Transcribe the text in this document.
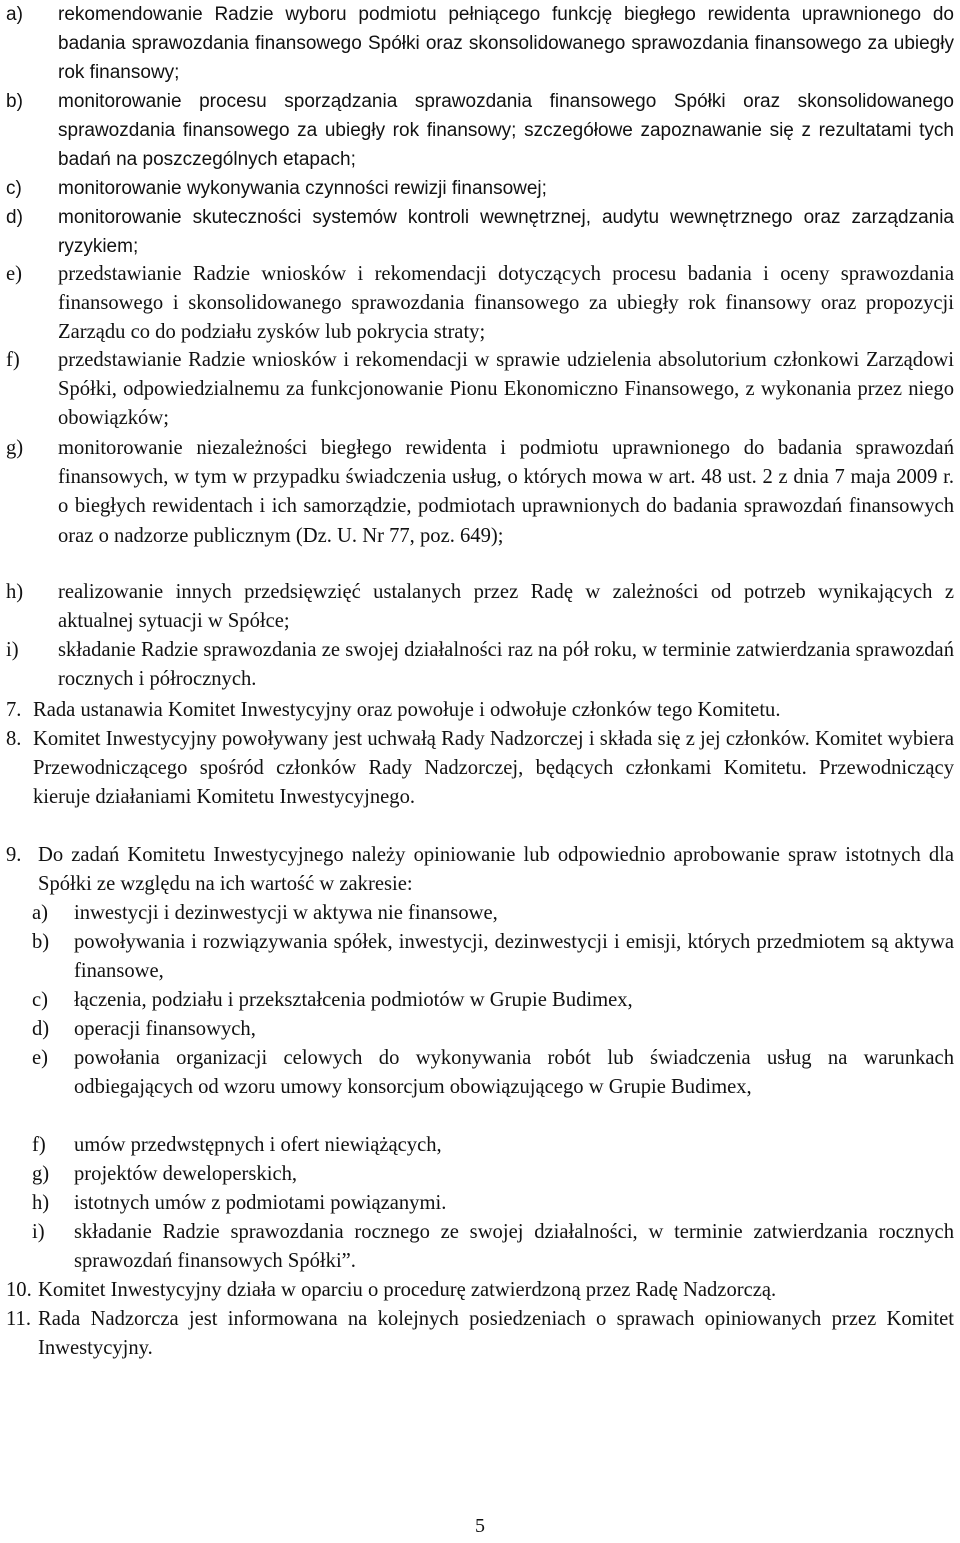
a)	rekomendowanie Radzie wyboru podmiotu pełniącego funkcję biegłego rewidenta uprawnionego do badania sprawozdania finansowego Spółki oraz skonsolidowanego sprawozdania finansowego za ubiegły rok finansowy;
b)	monitorowanie procesu sporządzania sprawozdania finansowego Spółki oraz skonsolidowanego sprawozdania finansowego za ubiegły rok finansowy; szczegółowe zapoznawanie się z rezultatami tych badań na poszczególnych etapach;
c)	monitorowanie wykonywania czynności rewizji finansowej;
d)	monitorowanie skuteczności systemów kontroli wewnętrznej, audytu wewnętrznego oraz zarządzania ryzykiem;
e)	przedstawianie Radzie wniosków i rekomendacji dotyczących procesu badania i oceny sprawozdania finansowego i skonsolidowanego sprawozdania finansowego za ubiegły rok finansowy oraz propozycji Zarządu co do podziału zysków lub pokrycia straty;
f)	przedstawianie Radzie wniosków i rekomendacji w sprawie udzielenia absolutorium członkowi Zarządowi Spółki, odpowiedzialnemu za funkcjonowanie Pionu Ekonomiczno Finansowego, z wykonania przez niego obowiązków;
g)	monitorowanie niezależności biegłego rewidenta i podmiotu uprawnionego do badania sprawozdań finansowych, w tym w przypadku świadczenia usług, o których mowa w art. 48 ust. 2 z dnia 7 maja 2009 r. o biegłych rewidentach i ich samorządzie, podmiotach uprawnionych do badania sprawozdań finansowych oraz o nadzorze publicznym (Dz. U. Nr 77, poz. 649);
h)	realizowanie innych przedsięwzięć ustalanych przez Radę w zależności od potrzeb wynikających z aktualnej sytuacji w Spółce;
i)	składanie Radzie sprawozdania ze swojej działalności raz na pół roku, w terminie zatwierdzania sprawozdań rocznych i półrocznych.
7. Rada ustanawia Komitet Inwestycyjny oraz powołuje i odwołuje członków tego Komitetu.
8. Komitet Inwestycyjny powoływany jest uchwałą Rady Nadzorczej i składa się z jej członków. Komitet wybiera Przewodniczącego spośród członków Rady Nadzorczej, będących członkami Komitetu. Przewodniczący kieruje działaniami Komitetu Inwestycyjnego.
9. Do zadań Komitetu Inwestycyjnego należy opiniowanie lub odpowiednio aprobowanie spraw istotnych dla Spółki ze względu na ich wartość w zakresie:
a)	inwestycji i dezinwestycji w aktywa nie finansowe,
b)	powoływania i rozwiązywania spółek, inwestycji, dezinwestycji i emisji, których przedmiotem są aktywa finansowe,
c)	łączenia, podziału i przekształcenia podmiotów w Grupie Budimex,
d)	operacji finansowych,
e)	powołania organizacji celowych do wykonywania robót lub świadczenia usług na warunkach odbiegających od wzoru umowy konsorcjum obowiązującego w Grupie Budimex,
f)	umów przedwstępnych i ofert niewiążących,
g)	projektów deweloperskich,
h)	istotnych umów z podmiotami powiązanymi.
i)	składanie Radzie sprawozdania rocznego ze swojej działalności, w terminie zatwierdzania rocznych sprawozdań finansowych Spółki”.
10. Komitet Inwestycyjny działa w oparciu o procedurę zatwierdzoną przez Radę Nadzorczą.
11. Rada Nadzorcza jest informowana na kolejnych posiedzeniach o sprawach opiniowanych przez Komitet Inwestycyjny.
5
